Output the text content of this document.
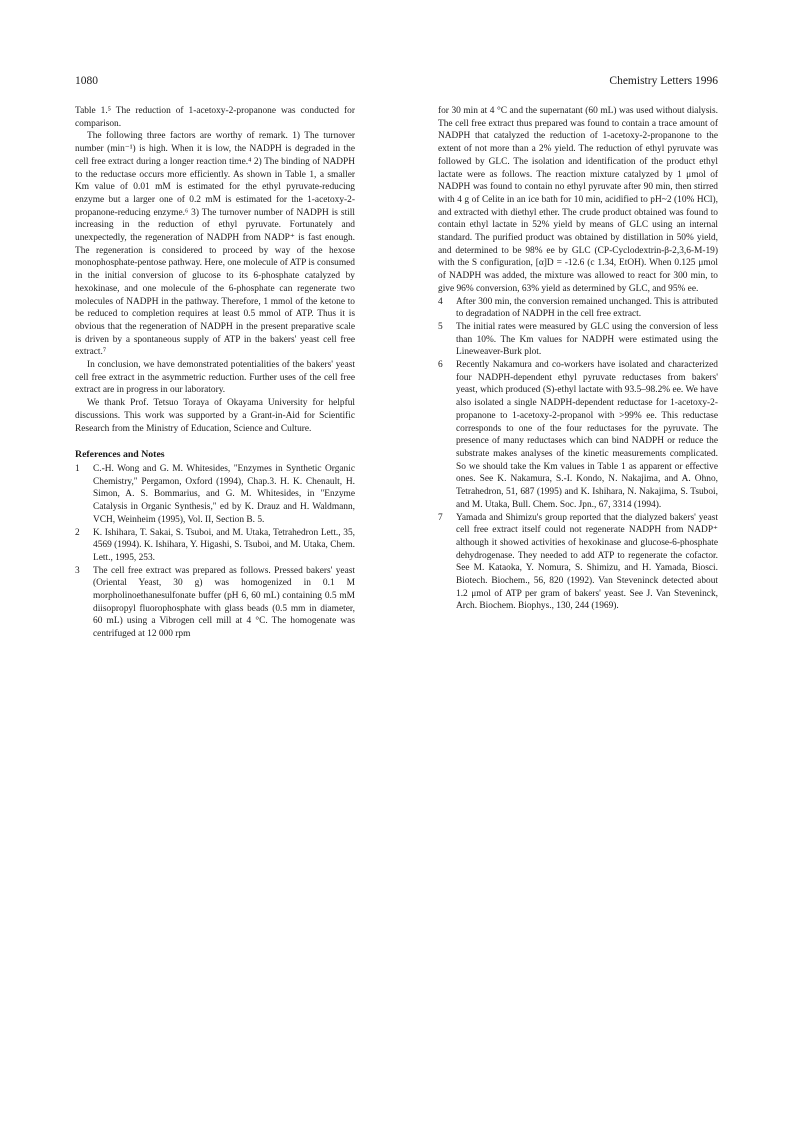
1080	Chemistry Letters 1996

Table 1.⁵ The reduction of 1-acetoxy-2-propanone was conducted for comparison.

The following three factors are worthy of remark. 1) The turnover number (min⁻¹) is high. When it is low, the NADPH is degraded in the cell free extract during a longer reaction time.⁴ 2) The binding of NADPH to the reductase occurs more efficiently. As shown in Table 1, a smaller Km value of 0.01 mM is estimated for the ethyl pyruvate-reducing enzyme but a larger one of 0.2 mM is estimated for the 1-acetoxy-2-propanone-reducing enzyme.⁶ 3) The turnover number of NADPH is still increasing in the reduction of ethyl pyruvate. Fortunately and unexpectedly, the regeneration of NADPH from NADP⁺ is fast enough. The regeneration is considered to proceed by way of the hexose monophosphate-pentose pathway. Here, one molecule of ATP is consumed in the initial conversion of glucose to its 6-phosphate catalyzed by hexokinase, and one molecule of the 6-phosphate can regenerate two molecules of NADPH in the pathway. Therefore, 1 mmol of the ketone to be reduced to completion requires at least 0.5 mmol of ATP. Thus it is obvious that the regeneration of NADPH in the present preparative scale is driven by a spontaneous supply of ATP in the bakers' yeast cell free extract.⁷

In conclusion, we have demonstrated potentialities of the bakers' yeast cell free extract in the asymmetric reduction. Further uses of the cell free extract are in progress in our laboratory.

We thank Prof. Tetsuo Toraya of Okayama University for helpful discussions. This work was supported by a Grant-in-Aid for Scientific Research from the Ministry of Education, Science and Culture.

References and Notes
1 C.-H. Wong and G. M. Whitesides, "Enzymes in Synthetic Organic Chemistry," Pergamon, Oxford (1994), Chap.3. H. K. Chenault, H. Simon, A. S. Bommarius, and G. M. Whitesides, in "Enzyme Catalysis in Organic Synthesis," ed by K. Drauz and H. Waldmann, VCH, Weinheim (1995), Vol. II, Section B. 5.
2 K. Ishihara, T. Sakai, S. Tsuboi, and M. Utaka, Tetrahedron Lett., 35, 4569 (1994). K. Ishihara, Y. Higashi, S. Tsuboi, and M. Utaka, Chem. Lett., 1995, 253.
3 The cell free extract was prepared as follows. Pressed bakers' yeast (Oriental Yeast, 30 g) was homogenized in 0.1 M morpholinoethanesulfonate buffer (pH 6, 60 mL) containing 0.5 mM diisopropyl fluorophosphate with glass beads (0.5 mm in diameter, 60 mL) using a Vibrogen cell mill at 4 °C. The homogenate was centrifuged at 12 000 rpm

for 30 min at 4 °C and the supernatant (60 mL) was used without dialysis. The cell free extract thus prepared was found to contain a trace amount of NADPH that catalyzed the reduction of 1-acetoxy-2-propanone to the extent of not more than a 2% yield. The reduction of ethyl pyruvate was followed by GLC. The isolation and identification of the product ethyl lactate were as follows. The reaction mixture catalyzed by 1 μmol of NADPH was found to contain no ethyl pyruvate after 90 min, then stirred with 4 g of Celite in an ice bath for 10 min, acidified to pH~2 (10% HCl), and extracted with diethyl ether. The crude product obtained was found to contain ethyl lactate in 52% yield by means of GLC using an internal standard. The purified product was obtained by distillation in 50% yield, and determined to be 98% ee by GLC (CP-Cyclodextrin-β-2,3,6-M-19) with the S configuration, [α]D = -12.6 (c 1.34, EtOH). When 0.125 μmol of NADPH was added, the mixture was allowed to react for 300 min, to give 96% conversion, 63% yield as determined by GLC, and 95% ee.

4 After 300 min, the conversion remained unchanged. This is attributed to degradation of NADPH in the cell free extract.
5 The initial rates were measured by GLC using the conversion of less than 10%. The Km values for NADPH were estimated using the Lineweaver-Burk plot.
6 Recently Nakamura and co-workers have isolated and characterized four NADPH-dependent ethyl pyruvate reductases from bakers' yeast, which produced (S)-ethyl lactate with 93.5–98.2% ee. We have also isolated a single NADPH-dependent reductase for 1-acetoxy-2-propanone to 1-acetoxy-2-propanol with >99% ee. This reductase corresponds to one of the four reductases for the pyruvate. The presence of many reductases which can bind NADPH or reduce the substrate makes analyses of the kinetic measurements complicated. So we should take the Km values in Table 1 as apparent or effective ones. See K. Nakamura, S.-I. Kondo, N. Nakajima, and A. Ohno, Tetrahedron, 51, 687 (1995) and K. Ishihara, N. Nakajima, S. Tsuboi, and M. Utaka, Bull. Chem. Soc. Jpn., 67, 3314 (1994).
7 Yamada and Shimizu's group reported that the dialyzed bakers' yeast cell free extract itself could not regenerate NADPH from NADP⁺ although it showed activities of hexokinase and glucose-6-phosphate dehydrogenase. They needed to add ATP to regenerate the cofactor. See M. Kataoka, Y. Nomura, S. Shimizu, and H. Yamada, Biosci. Biotech. Biochem., 56, 820 (1992). Van Steveninck detected about 1.2 μmol of ATP per gram of bakers' yeast. See J. Van Steveninck, Arch. Biochem. Biophys., 130, 244 (1969).
